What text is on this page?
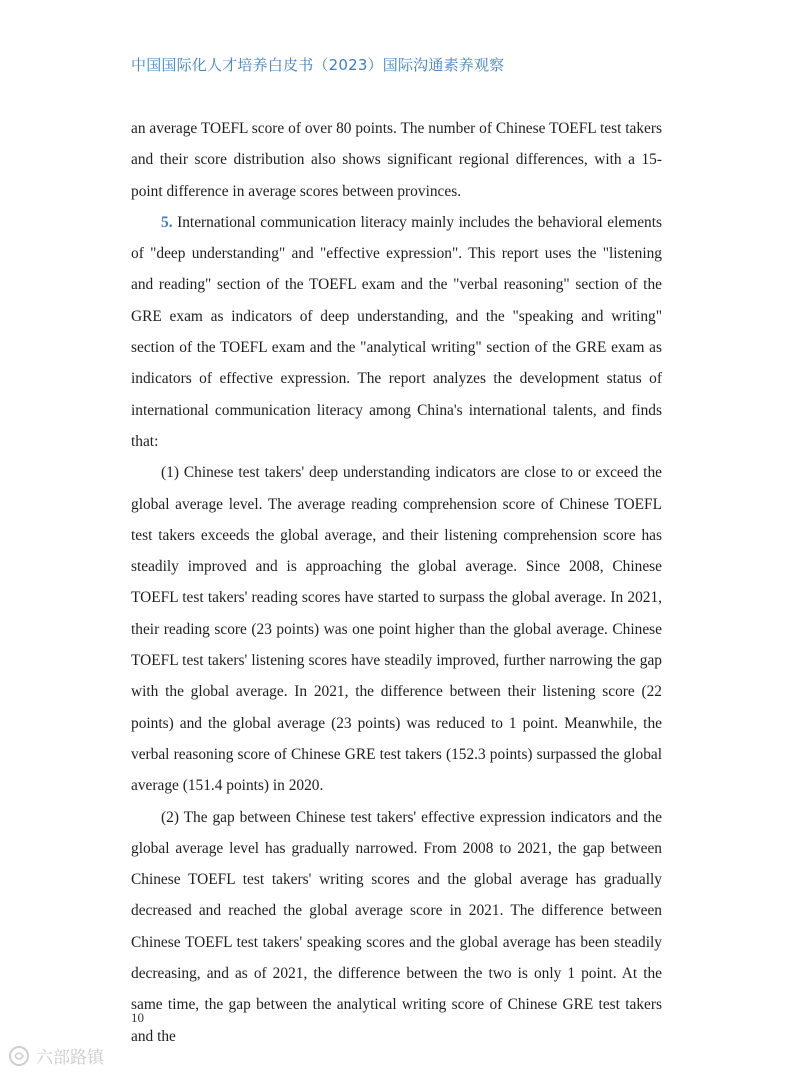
中国国际化人才培养白皮书（2023）国际沟通素养观察

an average TOEFL score of over 80 points. The number of Chinese TOEFL test takers and their score distribution also shows significant regional differences, with a 15-point difference in average scores between provinces.

5. International communication literacy mainly includes the behavioral elements of "deep understanding" and "effective expression". This report uses the "listening and reading" section of the TOEFL exam and the "verbal reasoning" section of the GRE exam as indicators of deep understanding, and the "speaking and writing" section of the TOEFL exam and the "analytical writing" section of the GRE exam as indicators of effective expression. The report analyzes the development status of international communication literacy among China's international talents, and finds that:

(1) Chinese test takers' deep understanding indicators are close to or exceed the global average level. The average reading comprehension score of Chinese TOEFL test takers exceeds the global average, and their listening comprehension score has steadily improved and is approaching the global average. Since 2008, Chinese TOEFL test takers' reading scores have started to surpass the global average. In 2021, their reading score (23 points) was one point higher than the global average. Chinese TOEFL test takers' listening scores have steadily improved, further narrowing the gap with the global average. In 2021, the difference between their listening score (22 points) and the global average (23 points) was reduced to 1 point. Meanwhile, the verbal reasoning score of Chinese GRE test takers (152.3 points) surpassed the global average (151.4 points) in 2020.

(2) The gap between Chinese test takers' effective expression indicators and the global average level has gradually narrowed. From 2008 to 2021, the gap between Chinese TOEFL test takers' writing scores and the global average has gradually decreased and reached the global average score in 2021. The difference between Chinese TOEFL test takers' speaking scores and the global average has been steadily decreasing, and as of 2021, the difference between the two is only 1 point. At the same time, the gap between the analytical writing score of Chinese GRE test takers and the

10
六部路镇
